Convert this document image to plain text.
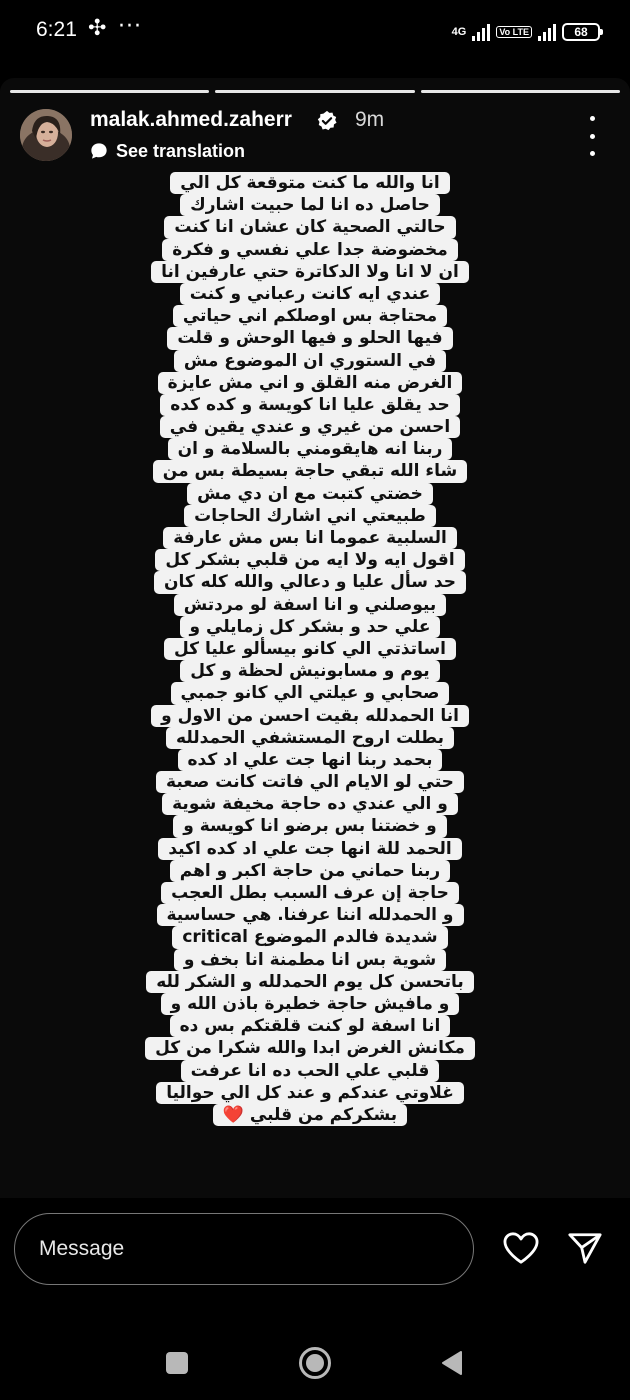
6:21 ✣ ···	4G	Vo LTE	68
malak.ahmed.zaherr	9m
See translation
انا والله ما كنت متوقعة كل الي
حاصل ده انا لما حبيت اشارك
حالتي الصحية كان عشان انا كنت
مخضوضة جدا علي نفسي و فكرة
ان لا انا ولا الدكاترة حتي عارفين انا
عندي ايه كانت رعباني و كنت
محتاجة بس اوصلكم اني حياتي
فيها الحلو و فيها الوحش و قلت
في الستوري ان الموضوع مش
الغرض منه القلق و اني مش عايزة
حد يقلق عليا انا كويسة و كده كده
احسن من غيري و عندي يقين في
ربنا انه هايقومني بالسلامة و ان
شاء الله تبقي حاجة بسيطة بس من
خضتي كتبت مع ان دي مش
طبيعتي اني اشارك الحاجات
السلبية عموما انا بس مش عارفة
اقول ايه ولا ايه من قلبي بشكر كل
حد سأل عليا و دعالي والله كله كان
بيوصلني و انا اسفة لو مردتش
علي حد و بشكر كل زمايلي و
اساتذتي الي كانو بيسألو عليا كل
يوم و مسابونيش لحظة و كل
صحابي و عيلتي الي كانو جمبي
انا الحمدلله بقيت احسن من الاول و
بطلت اروح المستشفي الحمدلله
بحمد ربنا انها جت علي اد كده
حتي لو الايام الي فاتت كانت صعبة
و الي عندي ده حاجة مخيفة شوية
و خضتنا بس برضو انا كويسة و
الحمد للة انها جت علي اد كده اكيد
ربنا حماني من حاجة اكبر و اهم
حاجة إن عرف السبب بطل العجب
و الحمدلله اننا عرفنا. هي حساسية
شديدة فالدم الموضوع critical
شوية بس انا مطمنة انا بخف و
باتحسن كل يوم الحمدلله و الشكر لله
و مافيش حاجة خطيرة باذن الله و
انا اسفة لو كنت قلقتكم بس ده
مكانش الغرض ابدا والله شكرا من كل
قلبي علي الحب ده انا عرفت
غلاوتي عندكم و عند كل الي حواليا
بشكركم من قلبي ❤️
Message
